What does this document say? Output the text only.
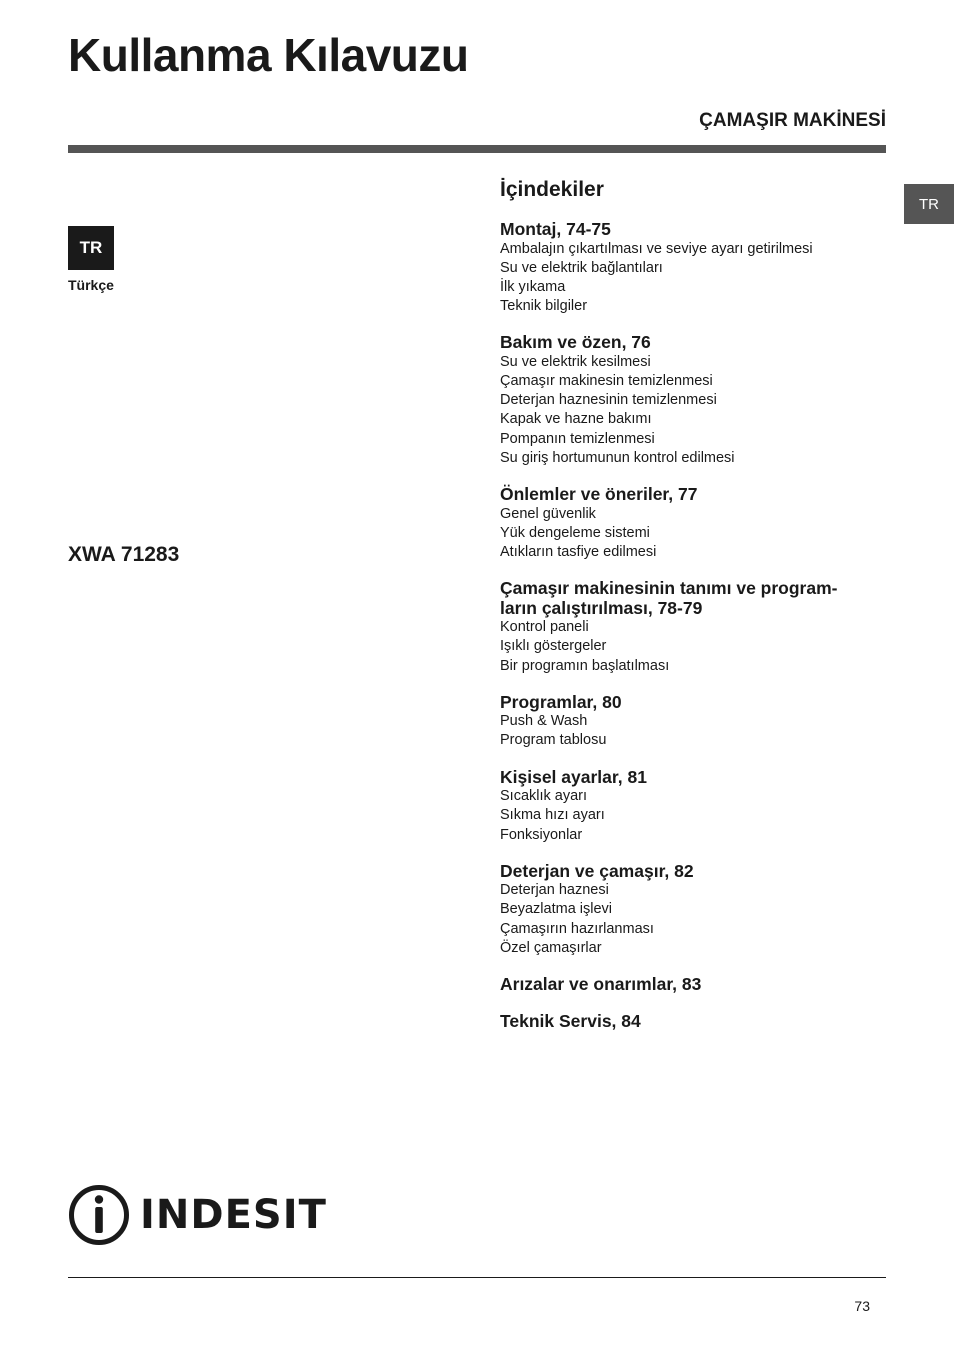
Kullanma Kılavuzu
ÇAMAŞIR MAKİNESİ
TR
TR
Türkçe
XWA 71283
İçindekiler
Montaj, 74-75
Ambalajın çıkartılması ve seviye ayarı getirilmesi
Su ve elektrik bağlantıları
İlk yıkama
Teknik bilgiler
Bakım ve özen, 76
Su ve elektrik kesilmesi
Çamaşır makinesin temizlenmesi
Deterjan haznesinin temizlenmesi
Kapak ve hazne bakımı
Pompanın temizlenmesi
Su giriş hortumunun kontrol edilmesi
Önlemler ve öneriler, 77
Genel güvenlik
Yük dengeleme sistemi
Atıkların tasfiye edilmesi
Çamaşır makinesinin tanımı ve program-
ların çalıştırılması, 78-79
Kontrol paneli
Işıklı göstergeler
Bir programın başlatılması
Programlar, 80
Push & Wash
Program tablosu
Kişisel ayarlar, 81
Sıcaklık ayarı
Sıkma hızı ayarı
Fonksiyonlar
Deterjan ve çamaşır, 82
Deterjan haznesi
Beyazlatma işlevi
Çamaşırın hazırlanması
Özel çamaşırlar
Arızalar ve onarımlar, 83
Teknik Servis, 84
INDESIT
73
